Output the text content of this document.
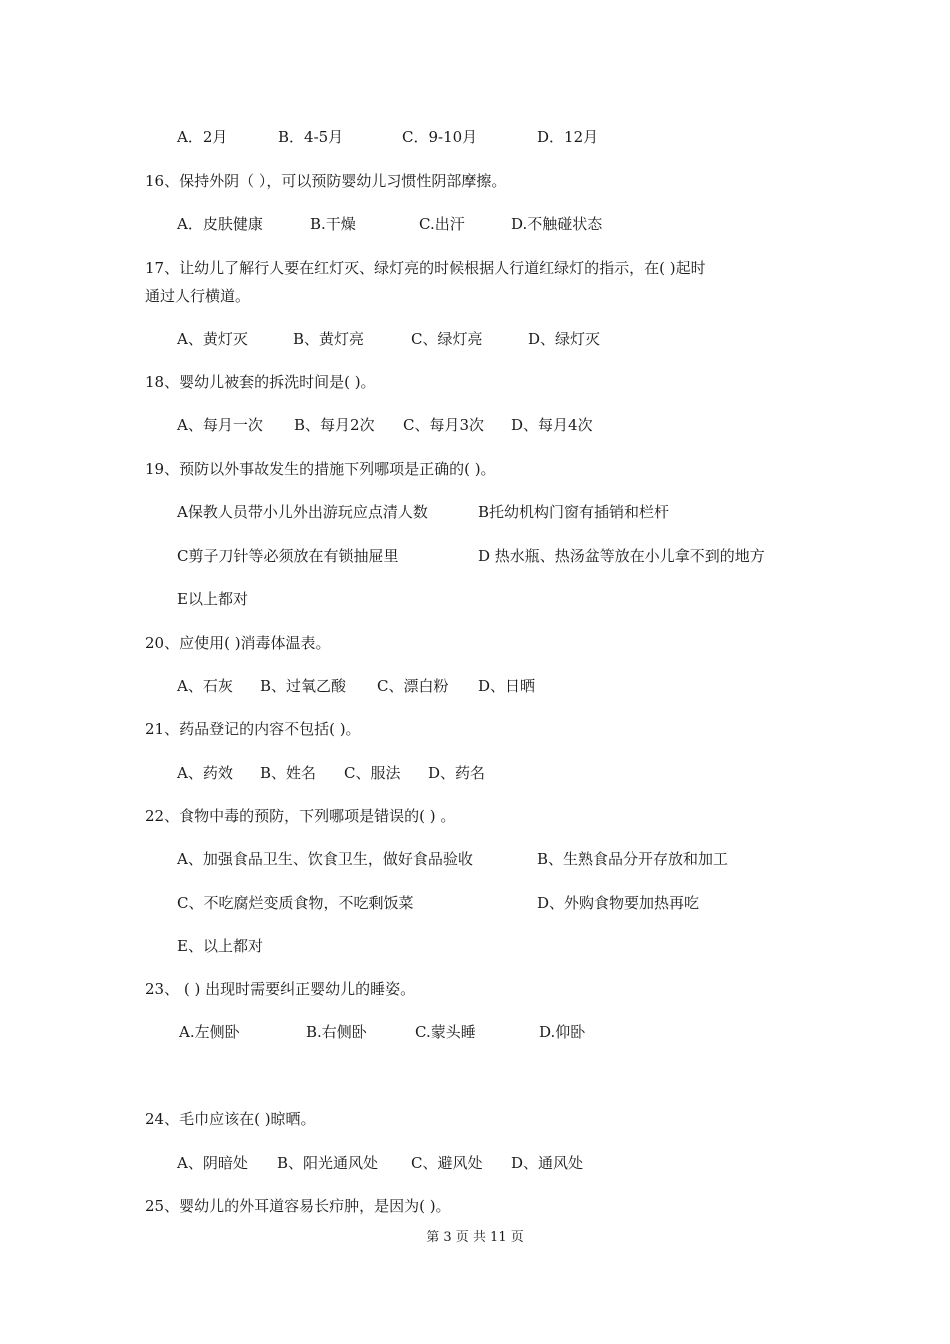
A．2月	B．4-5月	C．9-10月	D．12月
16、保持外阴（ ），可以预防婴幼儿习惯性阴部摩擦。
A．皮肤健康	B.干燥	C.出汗	D.不触碰状态
17、让幼儿了解行人要在红灯灭、绿灯亮的时候根据人行道红绿灯的指示，在( )起时
通过人行横道。
A、黄灯灭	B、黄灯亮	C、绿灯亮	D、绿灯灭
18、婴幼儿被套的拆洗时间是( )。
A、每月一次 B、每月2次 C、每月3次 D、每月4次
19、预防以外事故发生的措施下列哪项是正确的( )。
A保教人员带小儿外出游玩应点清人数	B托幼机构门窗有插销和栏杆
C剪子刀针等必须放在有锁抽屉里	D 热水瓶、热汤盆等放在小儿拿不到的地方
E以上都对
20、应使用( )消毒体温表。
A、石灰 B、过氧乙酸 C、漂白粉 D、日晒
21、药品登记的内容不包括( )。
A、药效 B、姓名 C、服法 D、药名
22、食物中毒的预防，下列哪项是错误的( ) 。
A、加强食品卫生、饮食卫生，做好食品验收	B、生熟食品分开存放和加工
C、不吃腐烂变质食物，不吃剩饭菜	D、外购食物要加热再吃
E、以上都对
23、 ( ) 出现时需要纠正婴幼儿的睡姿。
A.左侧卧	B.右侧卧	C.蒙头睡	D.仰卧
24、毛巾应该在( )晾晒。
A、阴暗处 B、阳光通风处 C、避风处 D、通风处
25、婴幼儿的外耳道容易长疖肿，是因为( )。
第 3 页 共 11 页
